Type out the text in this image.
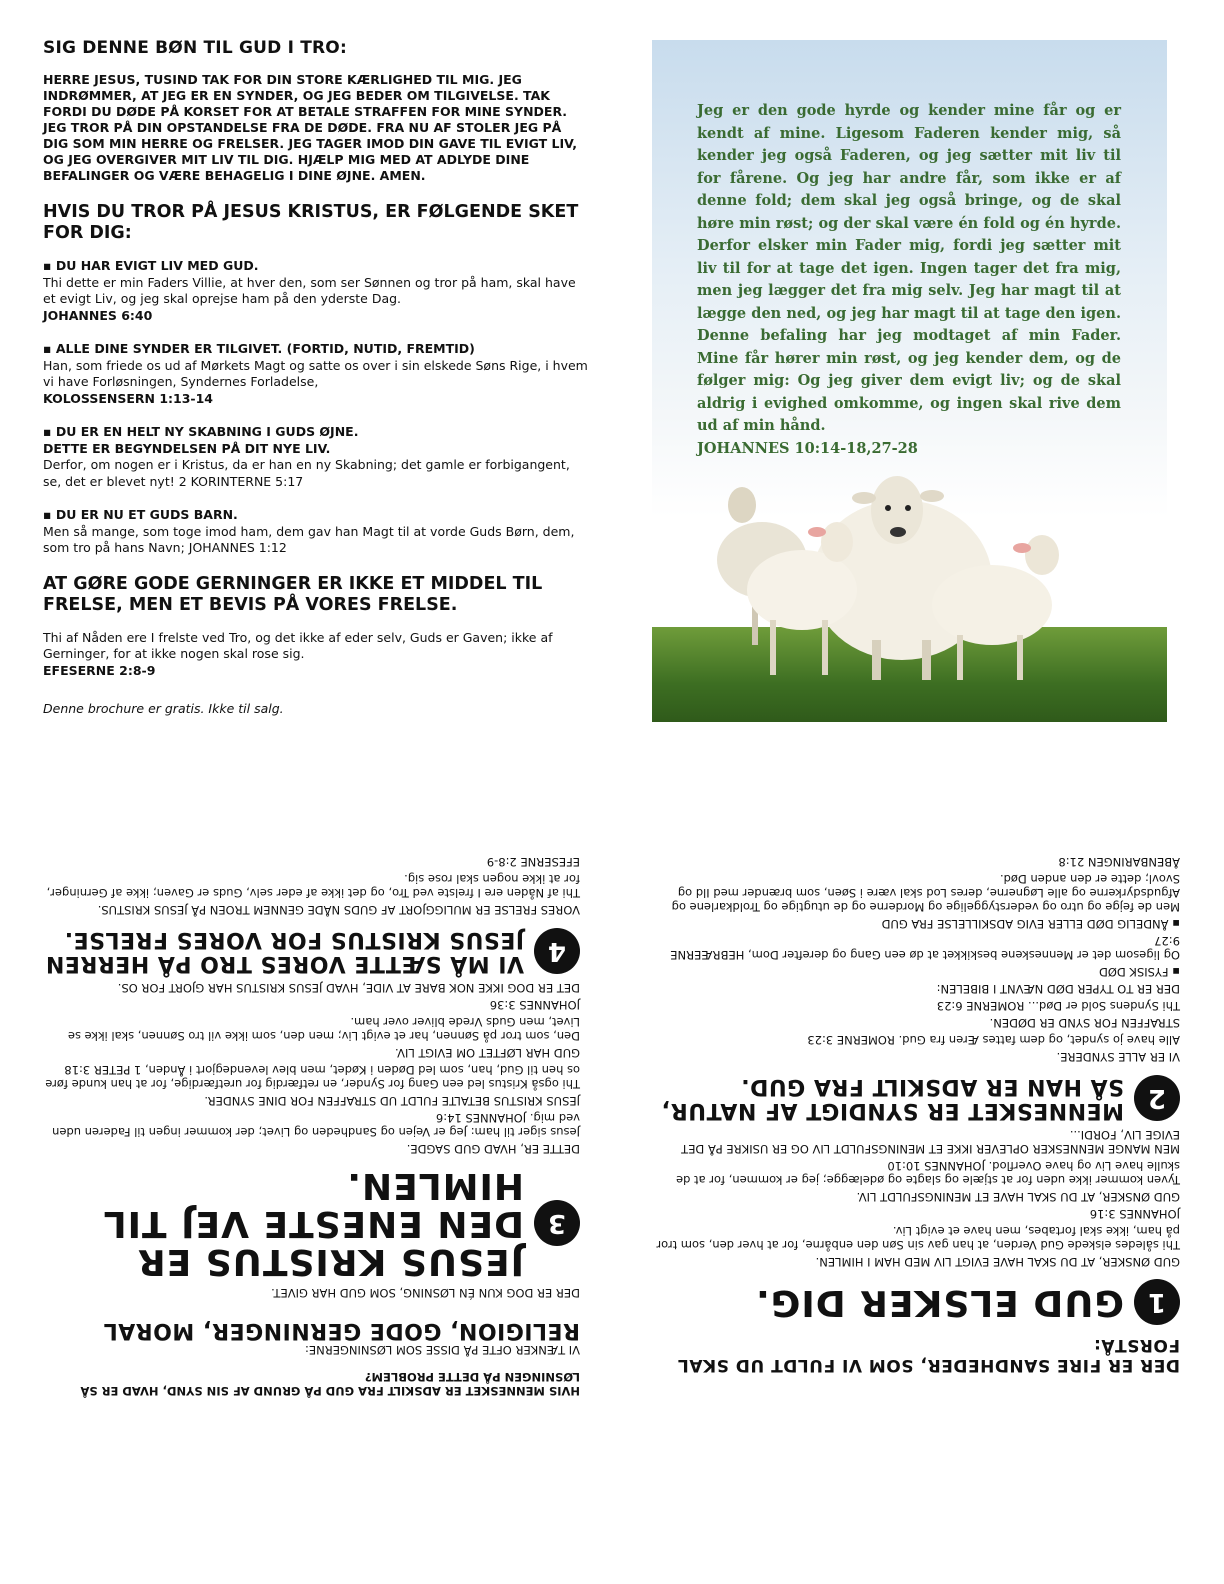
SIG DENNE BØN TIL GUD I TRO:
HERRE JESUS, TUSIND TAK FOR DIN STORE KÆRLIGHED TIL MIG. JEG INDRØMMER, AT JEG ER EN SYNDER, OG JEG BEDER OM TILGIVELSE. TAK FORDI DU DØDE PÅ KORSET FOR AT BETALE STRAFFEN FOR MINE SYNDER. JEG TROR PÅ DIN OPSTANDELSE FRA DE DØDE. FRA NU AF STOLER JEG PÅ DIG SOM MIN HERRE OG FRELSER. JEG TAGER IMOD DIN GAVE TIL EVIGT LIV, OG JEG OVERGIVER MIT LIV TIL DIG. HJÆLP MIG MED AT ADLYDE DINE BEFALINGER OG VÆRE BEHAGELIG I DINE ØJNE. AMEN.
HVIS DU TROR PÅ JESUS KRISTUS, ER FØLGENDE SKET FOR DIG:
▪ DU HAR EVIGT LIV MED GUD.
Thi dette er min Faders Villie, at hver den, som ser Sønnen og tror på ham, skal have et evigt Liv, og jeg skal oprejse ham på den yderste Dag.
JOHANNES 6:40
▪ ALLE DINE SYNDER ER TILGIVET. (FORTID, NUTID, FREMTID)
Han, som friede os ud af Mørkets Magt og satte os over i sin elskede Søns Rige, i hvem vi have Forløsningen, Syndernes Forladelse,
KOLOSSENSERN 1:13-14
▪ DU ER EN HELT NY SKABNING I GUDS ØJNE.
DETTE ER BEGYNDELSEN PÅ DIT NYE LIV.
Derfor, om nogen er i Kristus, da er han en ny Skabning; det gamle er forbigangent, se, det er blevet nyt! 2 KORINTERNE 5:17
▪ DU ER NU ET GUDS BARN.
Men så mange, som toge imod ham, dem gav han Magt til at vorde Guds Børn, dem, som tro på hans Navn; JOHANNES 1:12
AT GØRE GODE GERNINGER ER IKKE ET MIDDEL TIL FRELSE, MEN ET BEVIS PÅ VORES FRELSE.
Thi af Nåden ere I frelste ved Tro, og det ikke af eder selv, Guds er Gaven; ikke af Gerninger, for at ikke nogen skal rose sig.
EFESERNE 2:8-9
Denne brochure er gratis. Ikke til salg.
Jeg er den gode hyrde og kender mine får og er kendt af mine. Ligesom Faderen kender mig, så kender jeg også Faderen, og jeg sætter mit liv til for fårene. Og jeg har andre får, som ikke er af denne fold; dem skal jeg også bringe, og de skal høre min røst; og der skal være én fold og én hyrde. Derfor elsker min Fader mig, fordi jeg sætter mit liv til for at tage det igen. Ingen tager det fra mig, men jeg lægger det fra mig selv. Jeg har magt til at lægge den ned, og jeg har magt til at tage den igen. Denne befaling har jeg modtaget af min Fader. Mine får hører min røst, og jeg kender dem, og de følger mig: Og jeg giver dem evigt liv; og de skal aldrig i evighed omkomme, og ingen skal rive dem ud af min hånd.
JOHANNES 10:14-18,27-28
HVIS MENNESKET ER ADSKILT FRA GUD PÅ GRUND AF SIN SYND, HVAD ER SÅ LØSNINGEN PÅ DETTE PROBLEM?
VI TÆNKER OFTE PÅ DISSE SOM LØSNINGERNE:
RELIGION, GODE GERNINGER, MORAL
DER ER DOG KUN ÉN LØSNING, SOM GUD HAR GIVET.
3
JESUS KRISTUS ER DEN ENESTE VEJ TIL HIMLEN.
DETTE ER, HVAD GUD SAGDE.
Jesus siger til ham: Jeg er Vejen og Sandheden og Livet; der kommer ingen til Faderen uden ved mig. JOHANNES 14:6
JESUS KRISTUS BETALTE FULDT UD STRAFFEN FOR DINE SYNDER.
Thi også Kristus led een Gang for Synder, en retfærdig for uretfærdige, for at han kunde føre os hen til Gud, han, som led Døden i Kødet, men blev levendegjort i Ånden, 1 PETER 3:18
GUD HAR LØFTET OM EVIGT LIV.
Den, som tror på Sønnen, har et evigt Liv; men den, som ikke vil tro Sønnen, skal ikke se Livet, men Guds Vrede bliver over ham.
JOHANNES 3:36
DET ER DOG IKKE NOK BARE AT VIDE, HVAD JESUS KRISTUS HAR GJORT FOR OS.
4
VI MÅ SÆTTE VORES TRO PÅ HERREN JESUS KRISTUS FOR VORES FRELSE.
VORES FRELSE ER MULIGGJORT AF GUDS NÅDE GENNEM TROEN PÅ JESUS KRISTUS.
Thi af Nåden ere I frelste ved Tro, og det ikke af eder selv, Guds er Gaven; ikke af Gerninger, for at ikke nogen skal rose sig.
EFESERNE 2:8-9
DER ER FIRE SANDHEDER, SOM VI FULDT UD SKAL FORSTÅ:
1
GUD ELSKER DIG.
GUD ØNSKER, AT DU SKAL HAVE EVIGT LIV MED HAM I HIMLEN.
Thi således elskede Gud Verden, at han gav sin Søn den enbårne, for at hver den, som tror på ham, ikke skal fortabes, men have et evigt Liv.
JOHANNES 3:16
GUD ØNSKER, AT DU SKAL HAVE ET MENINGSFULDT LIV.
Tyven kommer ikke uden for at stjæle og slagte og ødelægge; jeg er kommen, for at de skulle have Liv og have Overflod. JOHANNES 10:10
MEN MANGE MENNESKER OPLEVER IKKE ET MENINGSFULDT LIV OG ER USIKRE PÅ DET EVIGE LIV, FORDI...
2
MENNESKET ER SYNDIGT AF NATUR, SÅ HAN ER ADSKILT FRA GUD.
VI ER ALLE SYNDERE.
Alle have jo syndet, og dem fattes Æren fra Gud. ROMERNE 3:23
STRAFFEN FOR SYND ER DØDEN.
Thi Syndens Sold er Død... ROMERNE 6:23
DER ER TO TYPER DØD NÆVNT I BIBELEN:
▪ FYSISK DØD
Og ligesom det er Menneskene beskikket at dø een Gang og derefter Dom, HEBRÆERNE 9:27
▪ ÅNDELIG DØD ELLER EVIG ADSKILLELSE FRA GUD
Men de fejge og utro og vederstyggelige og Morderne og de utugtige og Troldkarlene og Afgudsdyrkerne og alle Løgnerne, deres Lod skal være i Søen, som brænder med Ild og Svovl; dette er den anden Død.
ÅBENBARINGEN 21:8
